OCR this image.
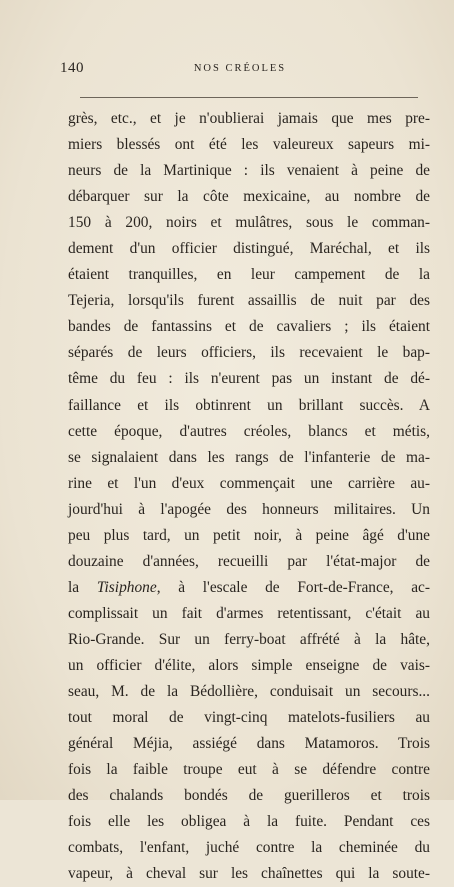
140	NOS CRÉOLES

grès, etc., et je n'oublierai jamais que mes pre-
miers blessés ont été les valeureux sapeurs mi-
neurs de la Martinique : ils venaient à peine de
débarquer sur la côte mexicaine, au nombre de
150 à 200, noirs et mulâtres, sous le comman-
dement d'un officier distingué, Maréchal, et ils
étaient tranquilles, en leur campement de la
Tejeria, lorsqu'ils furent assaillis de nuit par des
bandes de fantassins et de cavaliers ; ils étaient
séparés de leurs officiers, ils recevaient le bap-
tême du feu : ils n'eurent pas un instant de dé-
faillance et ils obtinrent un brillant succès. A
cette époque, d'autres créoles, blancs et métis,
se signalaient dans les rangs de l'infanterie de ma-
rine et l'un d'eux commençait une carrière au-
jourd'hui à l'apogée des honneurs militaires. Un
peu plus tard, un petit noir, à peine âgé d'une
douzaine d'années, recueilli par l'état-major de
la Tisiphone, à l'escale de Fort-de-France, ac-
complissait un fait d'armes retentissant, c'était au
Rio-Grande. Sur un ferry-boat affrété à la hâte,
un officier d'élite, alors simple enseigne de vais-
seau, M. de la Bédollière, conduisait un secours...
tout moral de vingt-cinq matelots-fusiliers au
général Méjia, assiégé dans Matamoros. Trois
fois la faible troupe eut à se défendre contre
des chalands bondés de guerilleros et trois
fois elle les obligea à la fuite. Pendant ces
combats, l'enfant, juché contre la cheminée du
vapeur, à cheval sur les chaînettes qui la soute-
